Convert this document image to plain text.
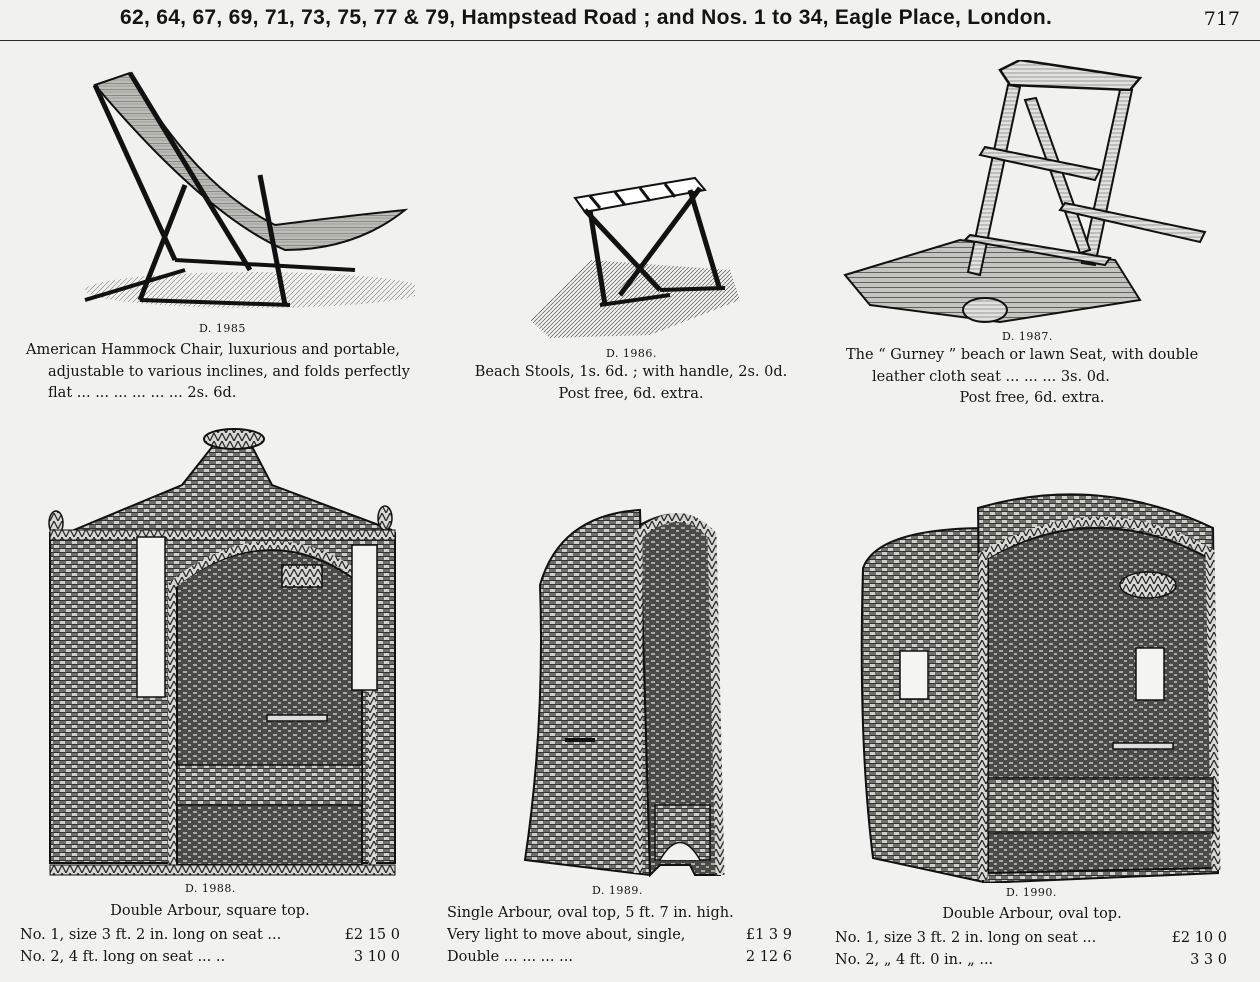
62, 64, 67, 69, 71, 73, 75, 77 & 79, Hampstead Road ; and Nos. 1 to 34, Eagle Place, London.	717
D. 1985
American Hammock Chair, luxurious and portable,
adjustable to various inclines, and folds perfectly
flat ... ... ... ... ... ... 2s. 6d.
D. 1986.
Beach Stools, 1s. 6d. ; with handle, 2s. 0d.
Post free, 6d. extra.
D. 1987.
The “ Gurney ” beach or lawn Seat, with double
leather cloth seat ... ... ... 3s. 0d.
Post free, 6d. extra.
D. 1988.
Double Arbour, square top.
No. 1, size 3 ft. 2 in. long on seat ...	£2 15 0
No. 2, 4 ft. long on seat ... ..	3 10 0
D. 1989.
Single Arbour, oval top, 5 ft. 7 in. high.
Very light to move about, single,	£1 3 9
Double ... ... ... ...	2 12 6
D. 1990.
Double Arbour, oval top.
No. 1, size 3 ft. 2 in. long on seat ...	£2 10 0
No. 2, „ 4 ft. 0 in. „ ...	3 3 0
